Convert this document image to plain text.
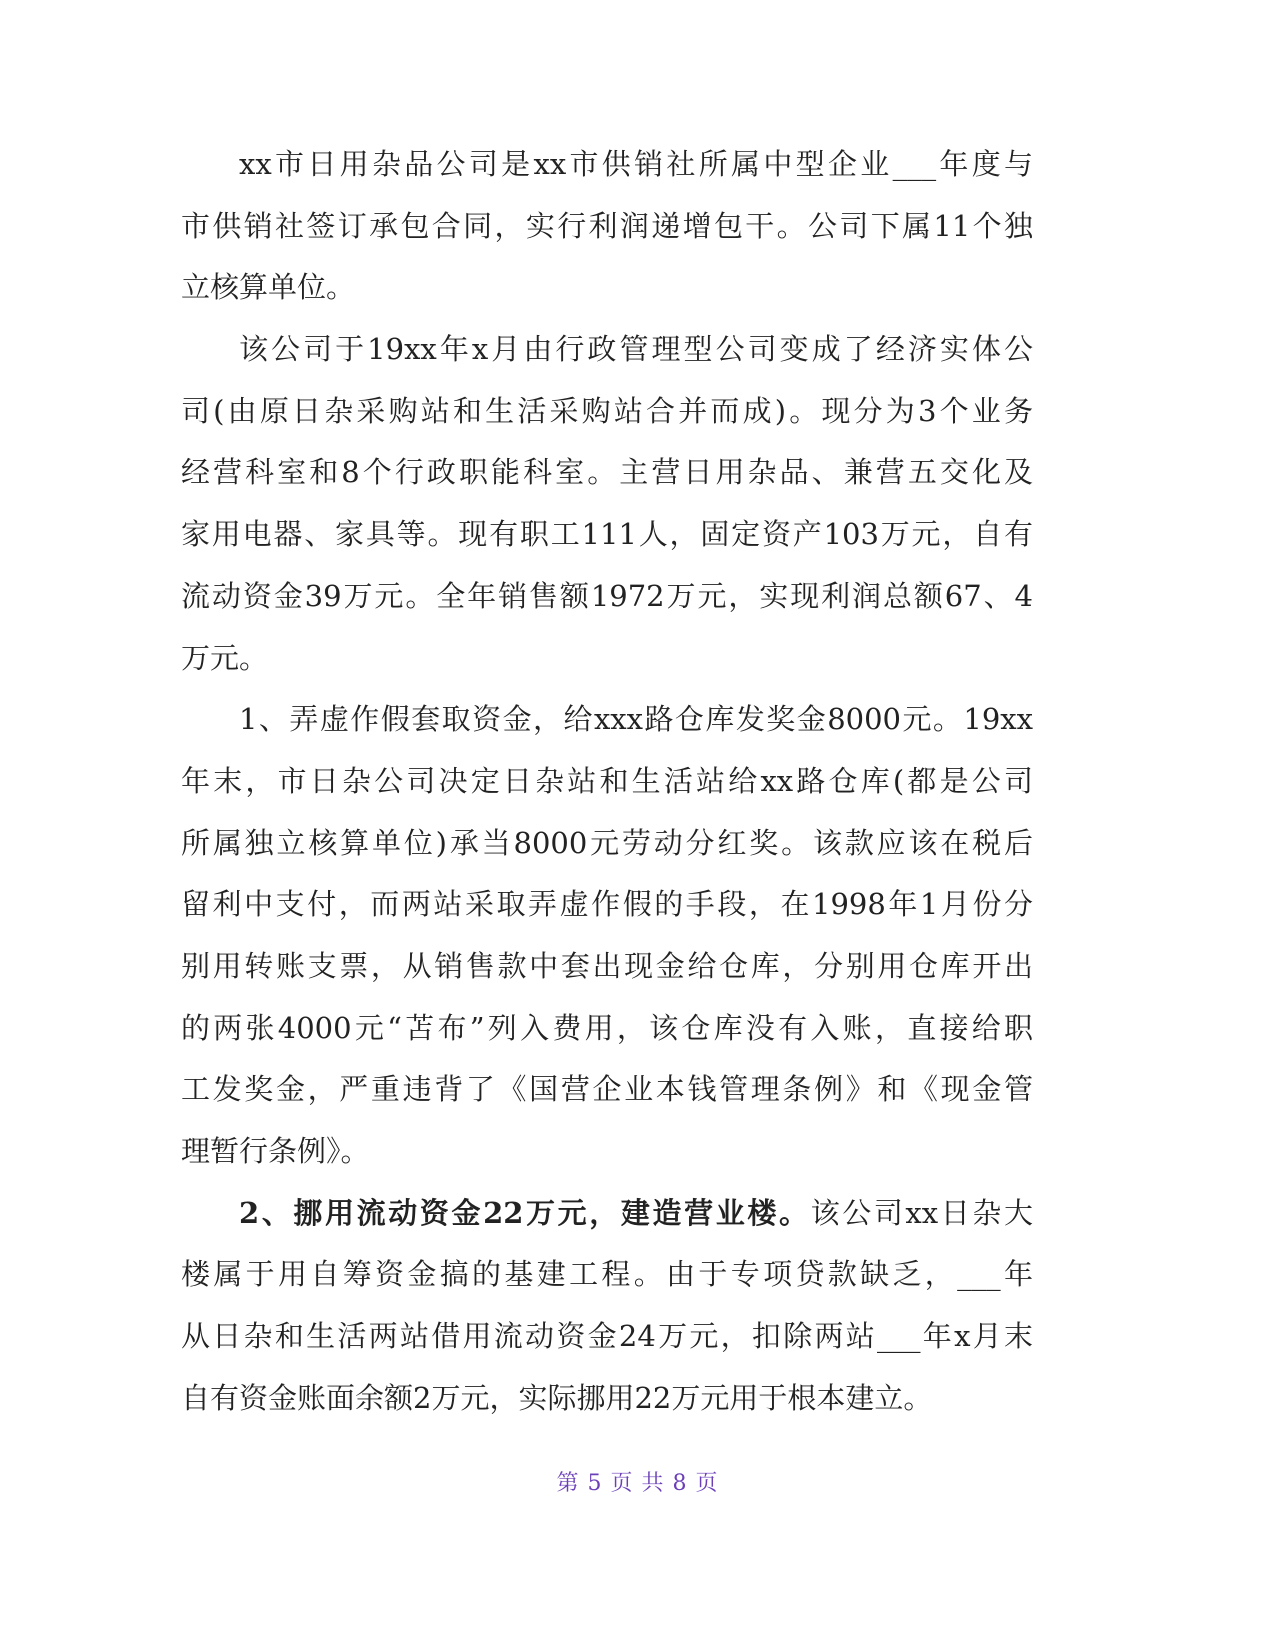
xx市日用杂品公司是xx市供销社所属中型企业___年度与
市供销社签订承包合同，实行利润递增包干。公司下属11个独
立核算单位。
该公司于19xx年x月由行政管理型公司变成了经济实体公
司(由原日杂采购站和生活采购站合并而成)。现分为3个业务
经营科室和8个行政职能科室。主营日用杂品、兼营五交化及
家用电器、家具等。现有职工111人，固定资产103万元，自有
流动资金39万元。全年销售额1972万元，实现利润总额67、4
万元。
1、弄虚作假套取资金，给xxx路仓库发奖金8000元。19xx
年末，市日杂公司决定日杂站和生活站给xx路仓库(都是公司
所属独立核算单位)承当8000元劳动分红奖。该款应该在税后
留利中支付，而两站采取弄虚作假的手段，在1998年1月份分
别用转账支票，从销售款中套出现金给仓库，分别用仓库开出
的两张4000元“苫布”列入费用，该仓库没有入账，直接给职
工发奖金，严重违背了《国营企业本钱管理条例》和《现金管
理暂行条例》。
2、挪用流动资金22万元，建造营业楼。该公司xx日杂大
楼属于用自筹资金搞的基建工程。由于专项贷款缺乏，___年
从日杂和生活两站借用流动资金24万元，扣除两站___年x月末
自有资金账面余额2万元，实际挪用22万元用于根本建立。
第 5 页 共 8 页
